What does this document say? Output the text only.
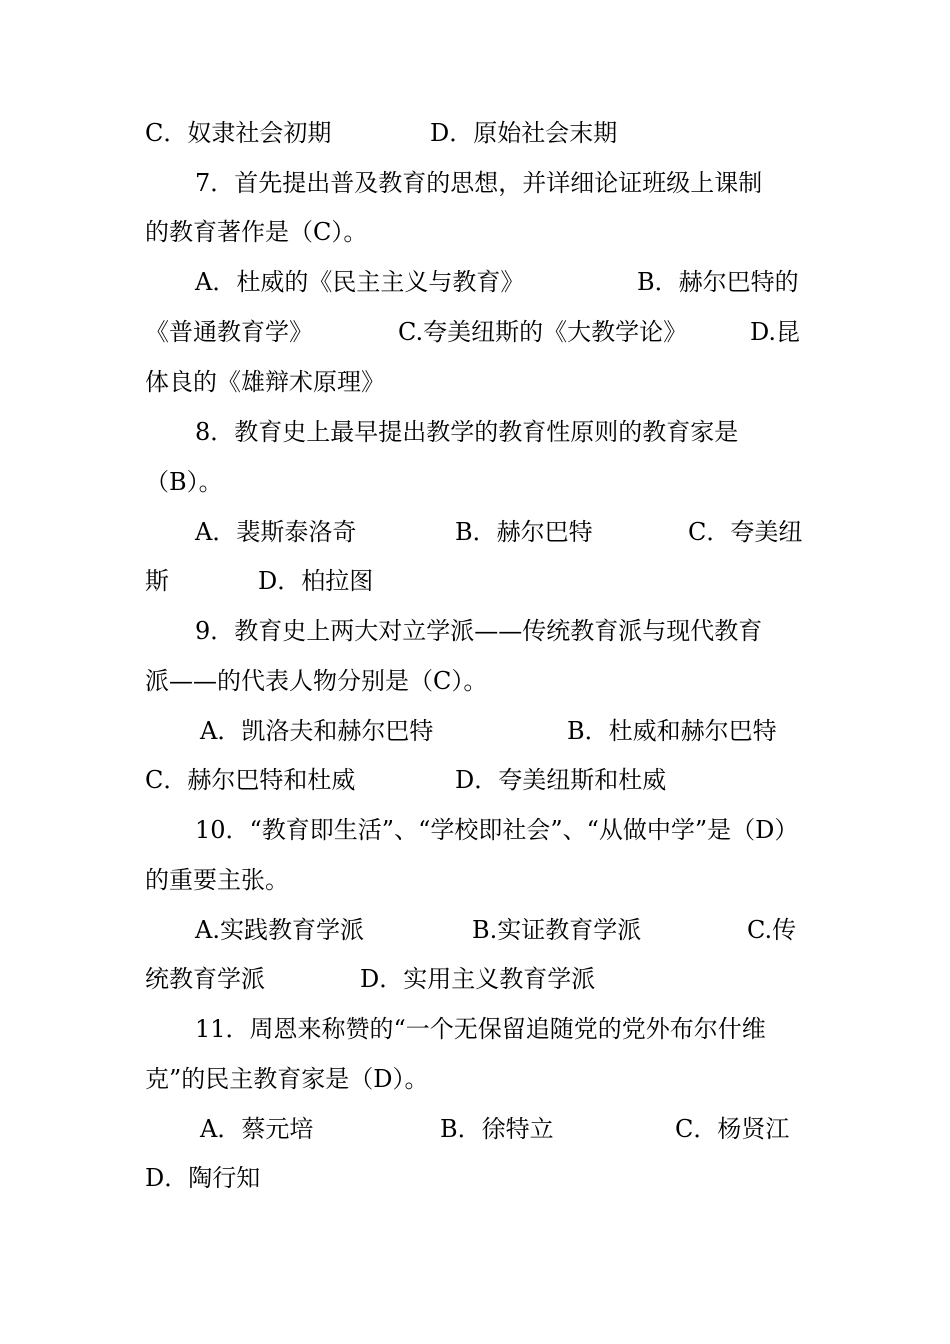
C．奴隶社会初期	D．原始社会末期
7．首先提出普及教育的思想，并详细论证班级上课制
的教育著作是（C）。
A．杜威的《民主主义与教育》	B．赫尔巴特的
《普通教育学》	C.夸美纽斯的《大教学论》	D.昆
体良的《雄辩术原理》
8．教育史上最早提出教学的教育性原则的教育家是
（B）。
A．裴斯泰洛奇	B．赫尔巴特	C．夸美纽
斯	D．柏拉图
9．教育史上两大对立学派——传统教育派与现代教育
派——的代表人物分别是（C）。
A．凯洛夫和赫尔巴特	B．杜威和赫尔巴特
C．赫尔巴特和杜威	D．夸美纽斯和杜威
10．“教育即生活”、“学校即社会”、“从做中学”是（D）
的重要主张。
A.实践教育学派	B.实证教育学派	C.传
统教育学派	D．实用主义教育学派
11．周恩来称赞的“一个无保留追随党的党外布尔什维
克”的民主教育家是（D）。
A．蔡元培	B．徐特立	C．杨贤江
D．陶行知
